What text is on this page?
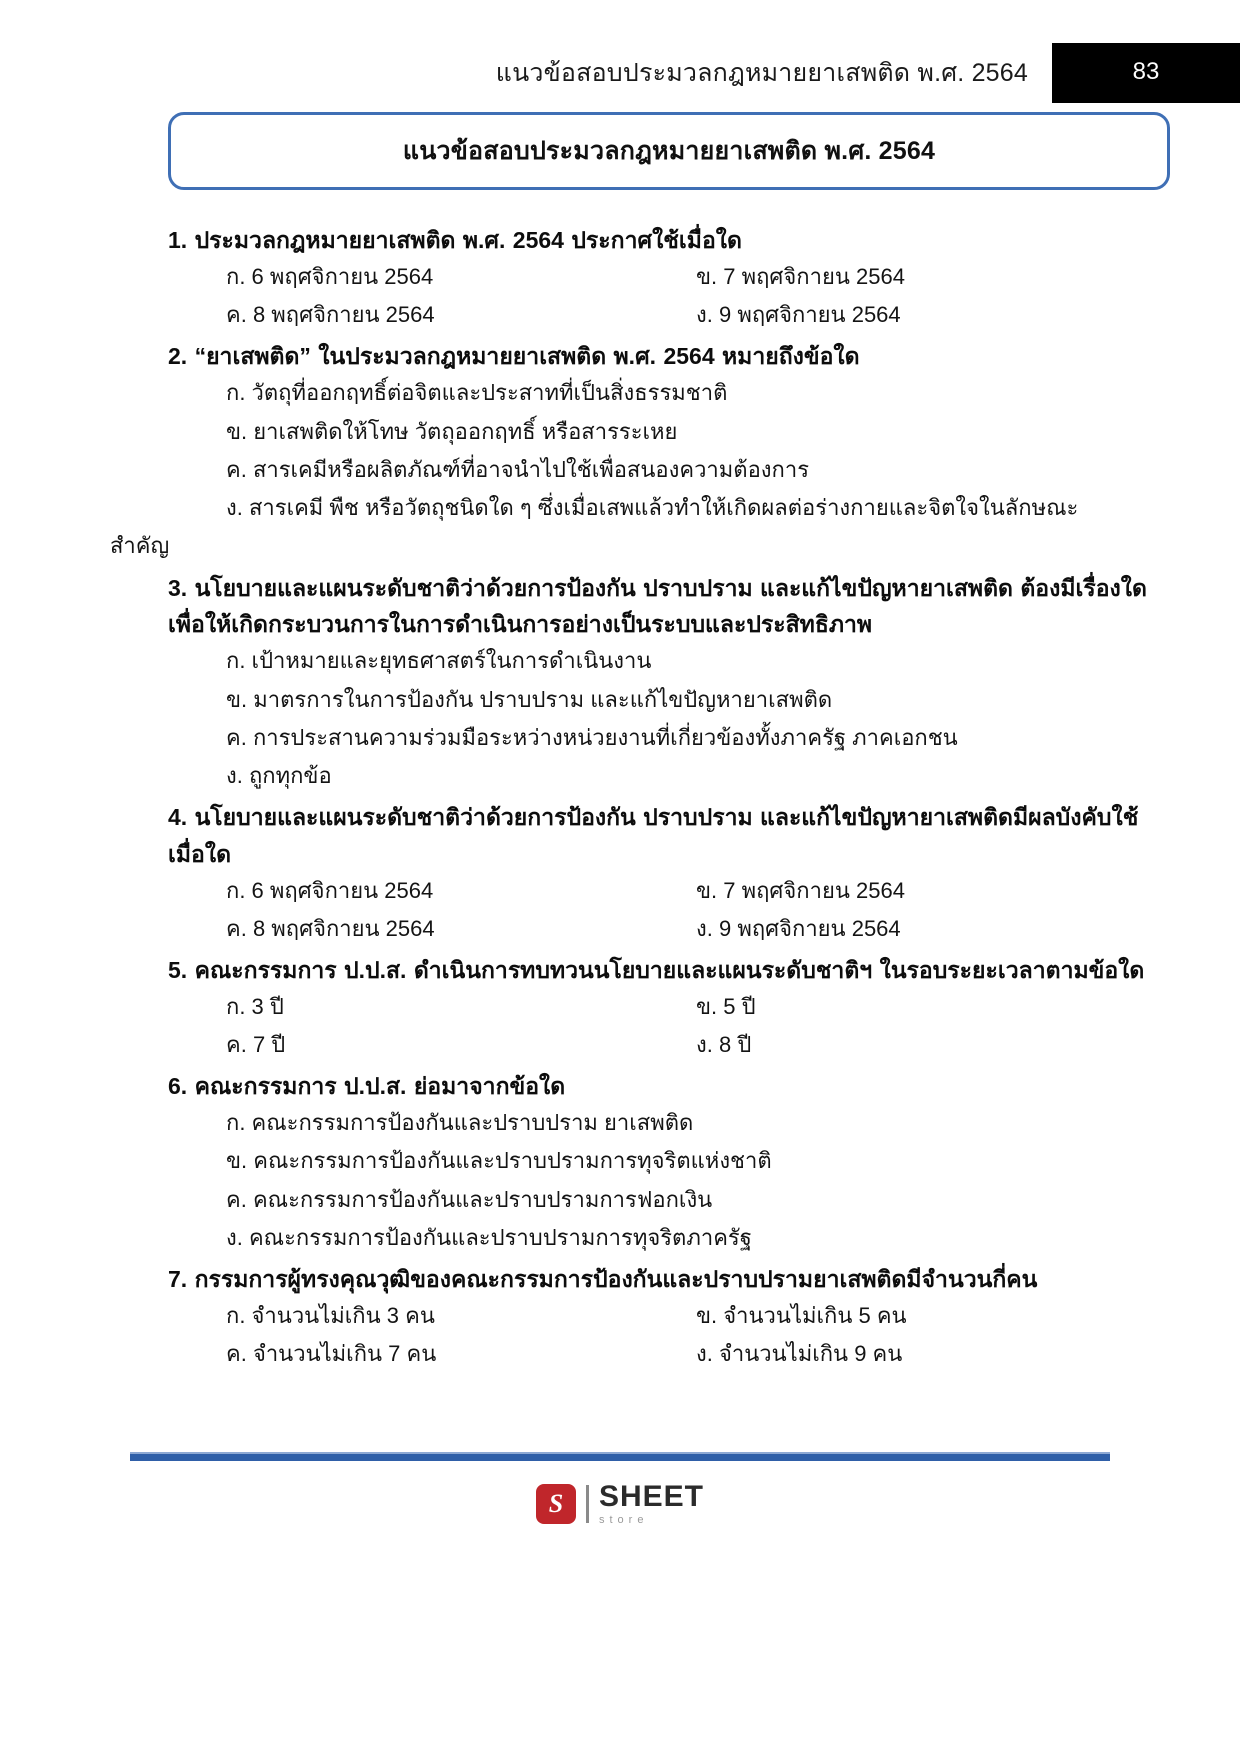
แนวข้อสอบประมวลกฎหมายยาเสพติด พ.ศ. 2564	83
แนวข้อสอบประมวลกฎหมายยาเสพติด พ.ศ. 2564

1. ประมวลกฎหมายยาเสพติด พ.ศ. 2564 ประกาศใช้เมื่อใด

ก. 6 พฤศจิกายน 2564	ข. 7 พฤศจิกายน 2564
ค. 8 พฤศจิกายน 2564	ง. 9 พฤศจิกายน 2564

2. “ยาเสพติด” ในประมวลกฎหมายยาเสพติด พ.ศ. 2564 หมายถึงข้อใด

ก. วัตถุที่ออกฤทธิ์ต่อจิตและประสาทที่เป็นสิ่งธรรมชาติ
ข. ยาเสพติดให้โทษ วัตถุออกฤทธิ์ หรือสารระเหย
ค. สารเคมีหรือผลิตภัณฑ์ที่อาจนำไปใช้เพื่อสนองความต้องการ
ง. สารเคมี พืช หรือวัตถุชนิดใด ๆ ซึ่งเมื่อเสพแล้วทำให้เกิดผลต่อร่างกายและจิตใจในลักษณะ
สำคัญ

3. นโยบายและแผนระดับชาติว่าด้วยการป้องกัน ปราบปราม และแก้ไขปัญหายาเสพติด ต้องมีเรื่องใดเพื่อให้เกิดกระบวนการในการดำเนินการอย่างเป็นระบบและประสิทธิภาพ

ก. เป้าหมายและยุทธศาสตร์ในการดำเนินงาน
ข. มาตรการในการป้องกัน ปราบปราม และแก้ไขปัญหายาเสพติด
ค. การประสานความร่วมมือระหว่างหน่วยงานที่เกี่ยวข้องทั้งภาครัฐ ภาคเอกชน
ง. ถูกทุกข้อ

4. นโยบายและแผนระดับชาติว่าด้วยการป้องกัน ปราบปราม และแก้ไขปัญหายาเสพติดมีผลบังคับใช้เมื่อใด

ก. 6 พฤศจิกายน 2564	ข. 7 พฤศจิกายน 2564
ค. 8 พฤศจิกายน 2564	ง. 9 พฤศจิกายน 2564

5. คณะกรรมการ ป.ป.ส. ดำเนินการทบทวนนโยบายและแผนระดับชาติฯ ในรอบระยะเวลาตามข้อใด

ก. 3 ปี	ข. 5 ปี
ค. 7 ปี	ง. 8 ปี

6. คณะกรรมการ ป.ป.ส. ย่อมาจากข้อใด

ก. คณะกรรมการป้องกันและปราบปราม ยาเสพติด
ข. คณะกรรมการป้องกันและปราบปรามการทุจริตแห่งชาติ
ค. คณะกรรมการป้องกันและปราบปรามการฟอกเงิน
ง. คณะกรรมการป้องกันและปราบปรามการทุจริตภาครัฐ

7. กรรมการผู้ทรงคุณวุฒิของคณะกรรมการป้องกันและปราบปรามยาเสพติดมีจำนวนกี่คน

ก. จำนวนไม่เกิน 3 คน	ข. จำนวนไม่เกิน 5 คน
ค. จำนวนไม่เกิน 7 คน	ง. จำนวนไม่เกิน 9 คน
S	SHEET
store
